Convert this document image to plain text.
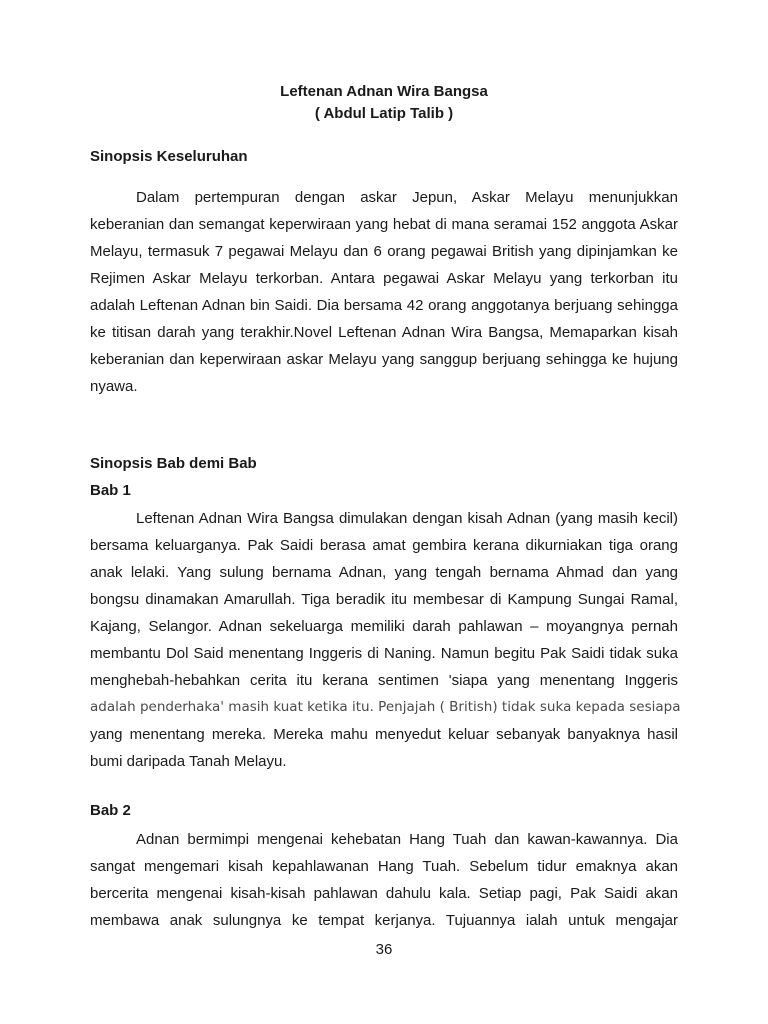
Leftenan Adnan Wira Bangsa
( Abdul Latip Talib )
Sinopsis Keseluruhan
Dalam pertempuran dengan askar Jepun, Askar Melayu menunjukkan
keberanian dan semangat keperwiraan yang hebat di mana seramai 152 anggota Askar
Melayu, termasuk 7 pegawai Melayu dan 6 orang pegawai British yang dipinjamkan ke
Rejimen Askar Melayu terkorban. Antara pegawai Askar Melayu yang terkorban itu
adalah Leftenan Adnan bin Saidi. Dia bersama 42 orang anggotanya berjuang sehingga
ke titisan darah yang terakhir.Novel Leftenan Adnan Wira Bangsa, Memaparkan kisah
keberanian dan keperwiraan askar Melayu yang sanggup berjuang sehingga ke hujung
nyawa.
Sinopsis Bab demi Bab
Bab 1
Leftenan Adnan Wira Bangsa dimulakan dengan kisah Adnan (yang masih kecil)
bersama keluarganya. Pak Saidi berasa amat gembira kerana dikurniakan tiga orang
anak lelaki. Yang sulung bernama Adnan, yang tengah bernama Ahmad dan yang
bongsu dinamakan Amarullah. Tiga beradik itu membesar di Kampung Sungai Ramal,
Kajang, Selangor. Adnan sekeluarga memiliki darah pahlawan – moyangnya pernah
membantu Dol Said menentang Inggeris di Naning. Namun begitu Pak Saidi tidak suka
menghebah-hebahkan cerita itu kerana sentimen 'siapa yang menentang Inggeris
adalah penderhaka' masih kuat ketika itu. Penjajah ( British) tidak suka kepada sesiapa
yang menentang mereka. Mereka mahu menyedut keluar sebanyak banyaknya hasil
bumi daripada Tanah Melayu.
Bab 2
Adnan bermimpi mengenai kehebatan Hang Tuah dan kawan-kawannya. Dia
sangat mengemari kisah kepahlawanan Hang Tuah. Sebelum tidur emaknya akan
bercerita mengenai kisah-kisah pahlawan dahulu kala. Setiap pagi, Pak Saidi akan
membawa anak sulungnya ke tempat kerjanya. Tujuannya ialah untuk mengajar
36
